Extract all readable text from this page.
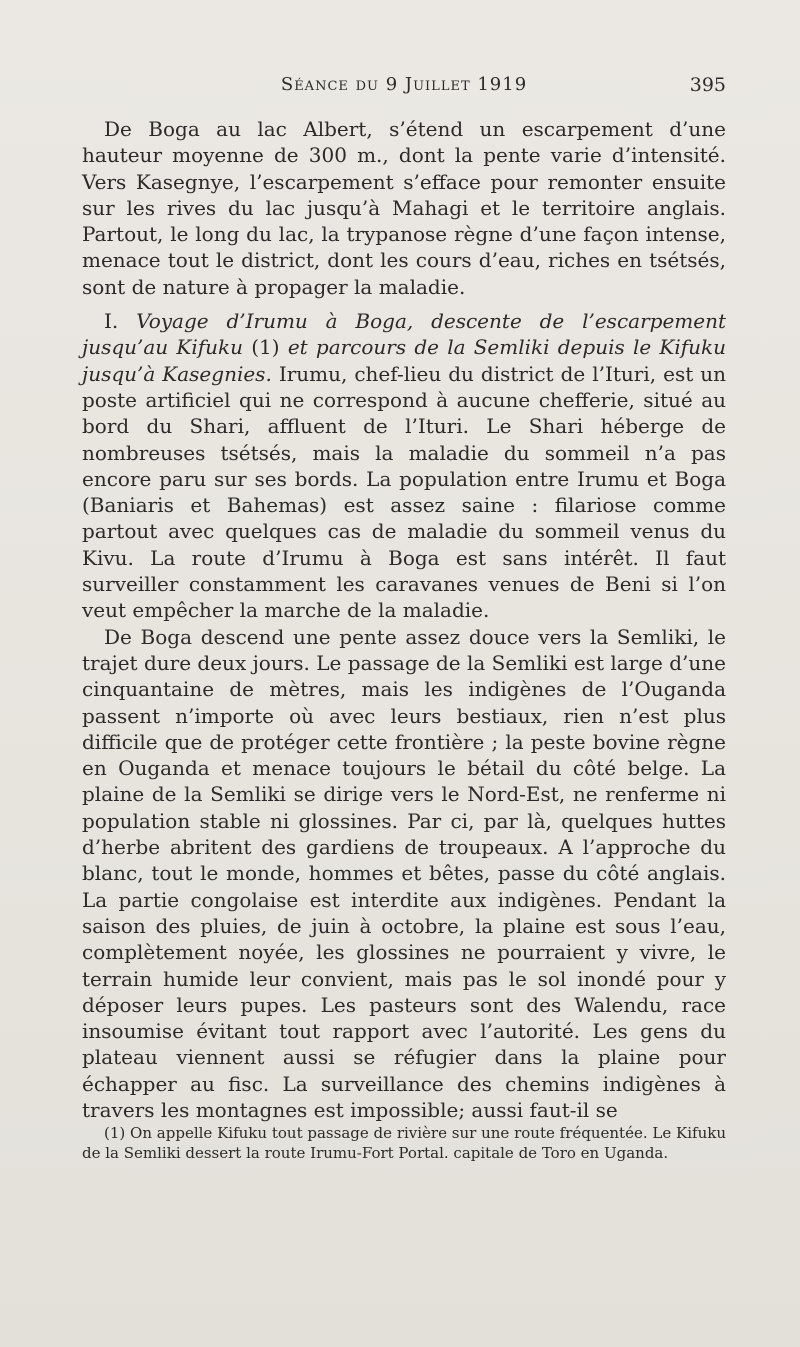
Séance du 9 Juillet 1919	395

De Boga au lac Albert, s’étend un escarpement d’une hauteur moyenne de 300 m., dont la pente varie d’intensité. Vers Kasegnye, l’escarpement s’efface pour remonter ensuite sur les rives du lac jusqu’à Mahagi et le territoire anglais. Partout, le long du lac, la trypanose règne d’une façon intense, menace tout le district, dont les cours d’eau, riches en tsétsés, sont de nature à propager la maladie.

I. Voyage d’Irumu à Boga, descente de l’escarpement jusqu’au Kifuku (1) et parcours de la Semliki depuis le Kifuku jusqu’à Kasegnies. Irumu, chef-lieu du district de l’Ituri, est un poste artificiel qui ne correspond à aucune chefferie, situé au bord du Shari, affluent de l’Ituri. Le Shari héberge de nombreuses tsétsés, mais la maladie du sommeil n’a pas encore paru sur ses bords. La population entre Irumu et Boga (Baniaris et Bahemas) est assez saine : filariose comme partout avec quelques cas de maladie du sommeil venus du Kivu. La route d’Irumu à Boga est sans intérêt. Il faut surveiller constamment les caravanes venues de Beni si l’on veut empêcher la marche de la maladie.

De Boga descend une pente assez douce vers la Semliki, le trajet dure deux jours. Le passage de la Semliki est large d’une cinquantaine de mètres, mais les indigènes de l’Ouganda passent n’importe où avec leurs bestiaux, rien n’est plus difficile que de protéger cette frontière ; la peste bovine règne en Ouganda et menace toujours le bétail du côté belge. La plaine de la Semliki se dirige vers le Nord-Est, ne renferme ni population stable ni glossines. Par ci, par là, quelques huttes d’herbe abritent des gardiens de troupeaux. A l’approche du blanc, tout le monde, hommes et bêtes, passe du côté anglais. La partie congolaise est interdite aux indigènes. Pendant la saison des pluies, de juin à octobre, la plaine est sous l’eau, complètement noyée, les glossines ne pourraient y vivre, le terrain humide leur convient, mais pas le sol inondé pour y déposer leurs pupes. Les pasteurs sont des Walendu, race insoumise évitant tout rapport avec l’autorité. Les gens du plateau viennent aussi se réfugier dans la plaine pour échapper au fisc. La surveillance des chemins indigènes à travers les montagnes est impossible; aussi faut-il se

(1) On appelle Kifuku tout passage de rivière sur une route fréquentée. Le Kifuku de la Semliki dessert la route Irumu-Fort Portal. capitale de Toro en Uganda.
